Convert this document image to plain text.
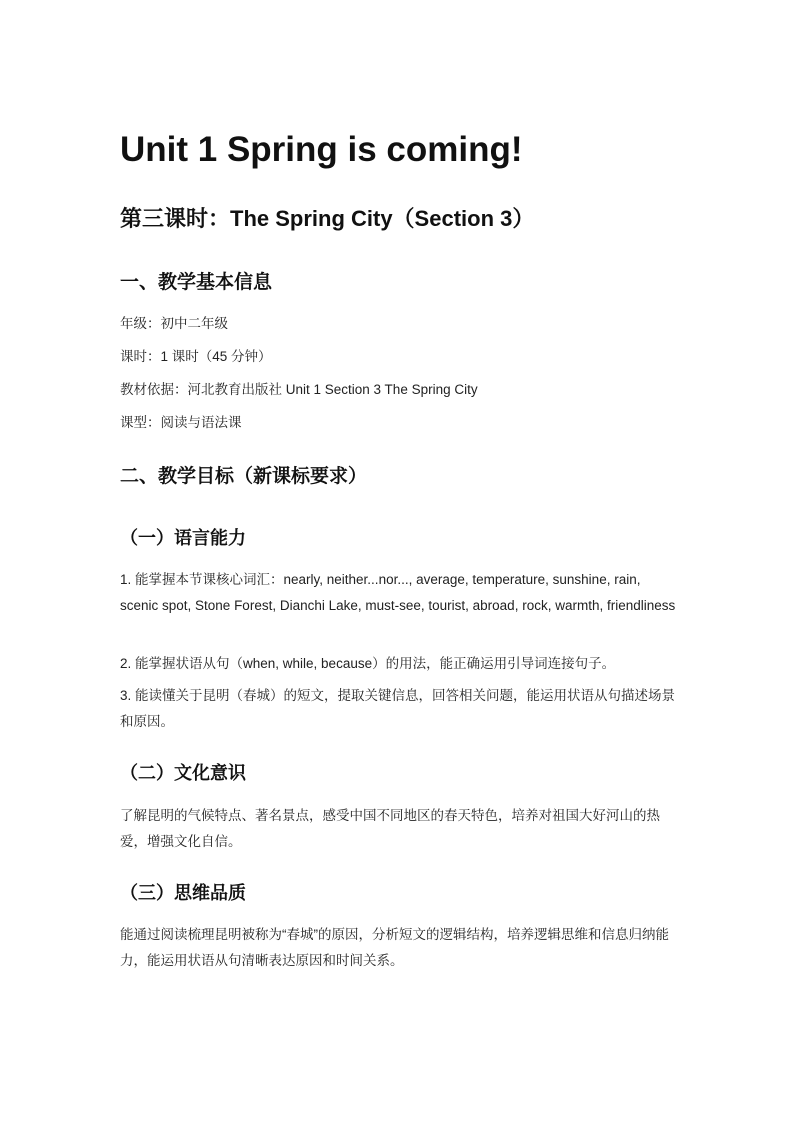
Unit 1 Spring is coming!
第三课时：The Spring City（Section 3）
一、教学基本信息

年级：初中二年级

课时：1 课时（45 分钟）

教材依据：河北教育出版社 Unit 1 Section 3 The Spring City

课型：阅读与语法课

二、教学目标（新课标要求）
（一）语言能力

1. 能掌握本节课核心词汇：nearly, neither...nor..., average, temperature, sunshine, rain, scenic spot, Stone Forest, Dianchi Lake, must-see, tourist, abroad, rock, warmth, friendliness

2. 能掌握状语从句（when, while, because）的用法，能正确运用引导词连接句子。

3. 能读懂关于昆明（春城）的短文，提取关键信息，回答相关问题，能运用状语从句描述场景和原因。

（二）文化意识

了解昆明的气候特点、著名景点，感受中国不同地区的春天特色，培养对祖国大好河山的热爱，增强文化自信。

（三）思维品质

能通过阅读梳理昆明被称为“春城”的原因，分析短文的逻辑结构，培养逻辑思维和信息归纳能力，能运用状语从句清晰表达原因和时间关系。
